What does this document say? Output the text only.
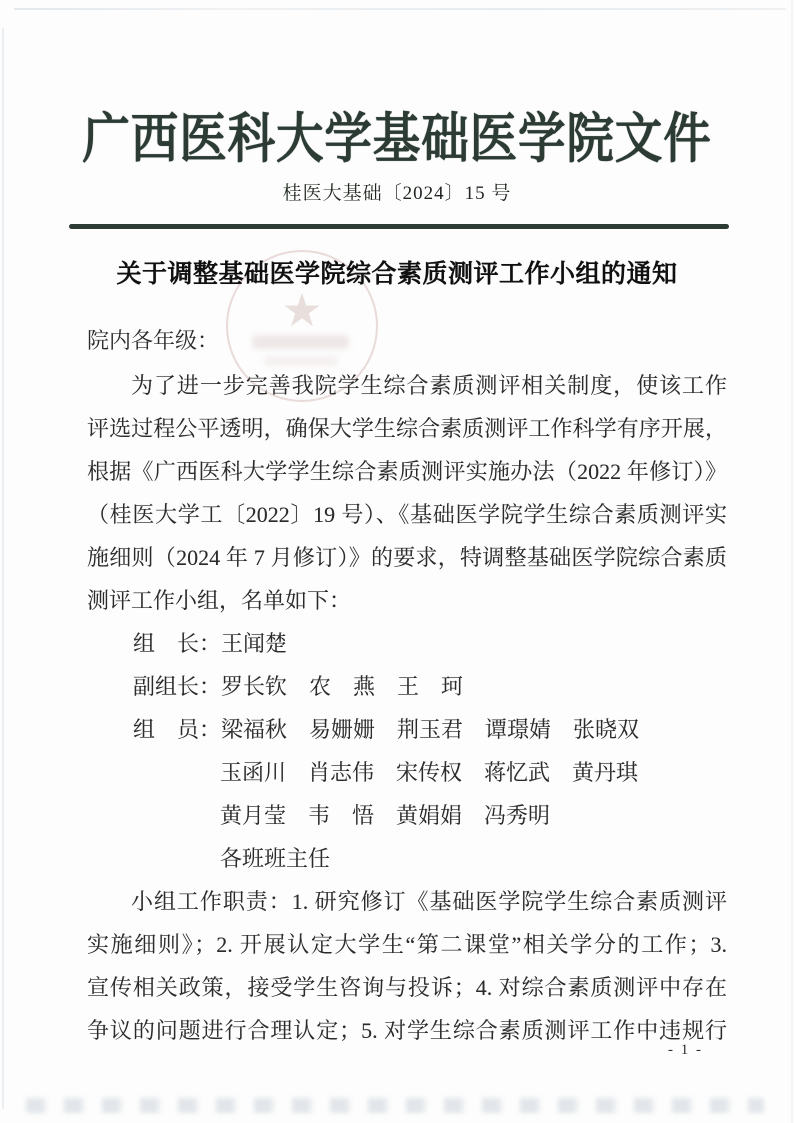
★
广西医科大学基础医学院文件
桂医大基础〔2024〕15 号
关于调整基础医学院综合素质测评工作小组的通知
院内各年级：
为了进一步完善我院学生综合素质测评相关制度，使该工作
评选过程公平透明，确保大学生综合素质测评工作科学有序开展，
根据《广西医科大学学生综合素质测评实施办法（2022 年修订）》
（桂医大学工〔2022〕19 号）、《基础医学院学生综合素质测评实
施细则（2024 年 7 月修订）》的要求，特调整基础医学院综合素质
测评工作小组，名单如下：
组　长：王闻楚
副组长：罗长钦　农　燕　王　珂
组　员：梁福秋　易姗姗　荆玉君　谭璟婧　张晓双
玉函川　肖志伟　宋传权　蒋忆武　黄丹琪
黄月莹　韦　悟　黄娟娟　冯秀明
各班班主任
小组工作职责：1. 研究修订《基础医学院学生综合素质测评
实施细则》；2. 开展认定大学生“第二课堂”相关学分的工作；3.
宣传相关政策，接受学生咨询与投诉；4. 对综合素质测评中存在
争议的问题进行合理认定；5. 对学生综合素质测评工作中违规行
- 1 -
